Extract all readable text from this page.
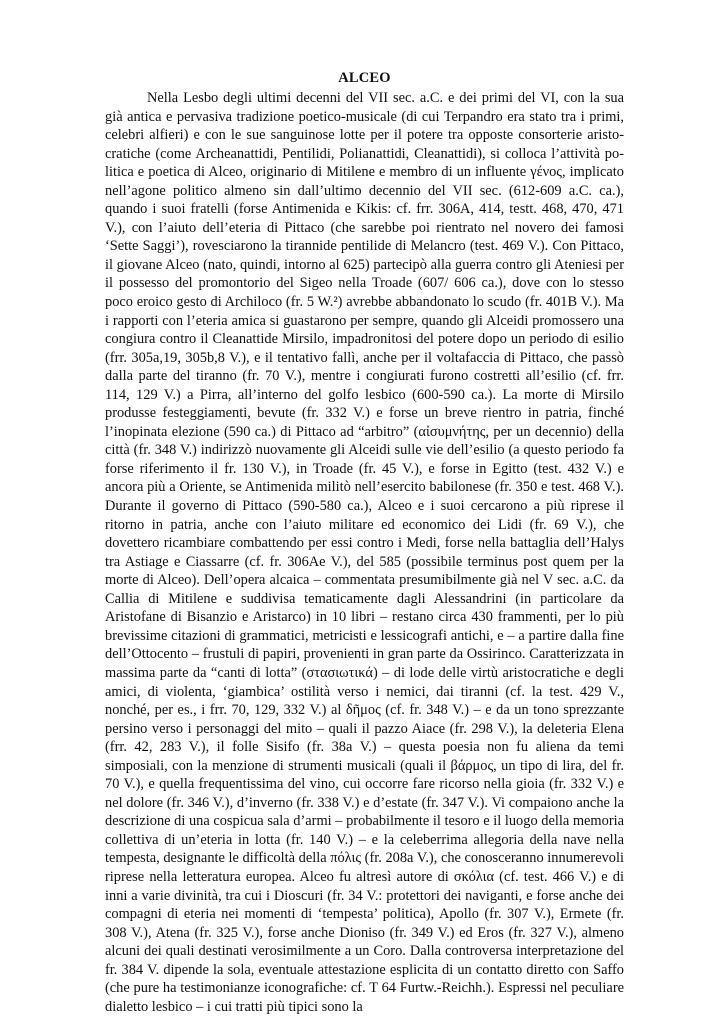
ALCEO

Nella Lesbo degli ultimi decenni del VII sec. a.C. e dei primi del VI, con la sua già antica e pervasiva tradizione poetico-musicale (di cui Terpandro era stato tra i primi, celebri alfieri) e con le sue sanguinose lotte per il potere tra opposte consorterie aristocratiche (come Archeanattidi, Pentilidi, Polianattidi, Cleanattidi), si colloca l’attività politica e poetica di Alceo, originario di Mitilene e membro di un influente γένος, implicato nell’agone politico almeno sin dall’ultimo decennio del VII sec. (612-609 a.C. ca.), quando i suoi fratelli (forse Antimenida e Kikis: cf. frr. 306A, 414, testt. 468, 470, 471 V.), con l’aiuto dell’eteria di Pittaco (che sarebbe poi rientrato nel novero dei famosi ‘Sette Saggi’), rovesciarono la tirannide pentilide di Melancro (test. 469 V.). Con Pittaco, il giovane Alceo (nato, quindi, intorno al 625) partecipò alla guerra contro gli Ateniesi per il possesso del promontorio del Sigeo nella Troade (607/ 606 ca.), dove con lo stesso poco eroico gesto di Archiloco (fr. 5 W.²) avrebbe abbandonato lo scudo (fr. 401B V.). Ma i rapporti con l’eteria amica si guastarono per sempre, quando gli Alceidi promossero una congiura contro il Cleanattide Mirsilo, impadronitosi del potere dopo un periodo di esilio (frr. 305a,19, 305b,8 V.), e il tentativo fallì, anche per il voltafaccia di Pittaco, che passò dalla parte del tiranno (fr. 70 V.), mentre i congiurati furono costretti all’esilio (cf. frr. 114, 129 V.) a Pirra, all’interno del golfo lesbico (600-590 ca.). La morte di Mirsilo produsse festeggiamenti, bevute (fr. 332 V.) e forse un breve rientro in patria, finché l’inopinata elezione (590 ca.) di Pittaco ad “arbitro” (αἰσυμνήτης, per un decennio) della città (fr. 348 V.) indirizzò nuovamente gli Alceidi sulle vie dell’esilio (a questo periodo fa forse riferimento il fr. 130 V.), in Troade (fr. 45 V.), e forse in Egitto (test. 432 V.) e ancora più a Oriente, se Antimenida militò nell’esercito babilonese (fr. 350 e test. 468 V.). Durante il governo di Pittaco (590-580 ca.), Alceo e i suoi cercarono a più riprese il ritorno in patria, anche con l’aiuto militare ed economico dei Lidi (fr. 69 V.), che dovettero ricambiare combattendo per essi contro i Medi, forse nella battaglia dell’Halys tra Astiage e Ciassarre (cf. fr. 306Ae V.), del 585 (possibile terminus post quem per la morte di Alceo). Dell’opera alcaica – commentata presumibilmente già nel V sec. a.C. da Callia di Mitilene e suddivisa tematicamente dagli Alessandrini (in particolare da Aristofane di Bisanzio e Aristarco) in 10 libri – restano circa 430 frammenti, per lo più brevissime citazioni di grammatici, metricisti e lessicografi antichi, e – a partire dalla fine dell’Ottocento – frustuli di papiri, provenienti in gran parte da Ossirinco. Caratterizzata in massima parte da “canti di lotta” (στασιωτικά) – di lode delle virtù aristocratiche e degli amici, di violenta, ‘giambica’ ostilità verso i nemici, dai tiranni (cf. la test. 429 V., nonché, per es., i frr. 70, 129, 332 V.) al δῆμος (cf. fr. 348 V.) – e da un tono sprezzante persino verso i personaggi del mito – quali il pazzo Aiace (fr. 298 V.), la deleteria Elena (frr. 42, 283 V.), il folle Sisifo (fr. 38a V.) – questa poesia non fu aliena da temi simposiali, con la menzione di strumenti musicali (quali il βάρμος, un tipo di lira, del fr. 70 V.), e quella frequentissima del vino, cui occorre fare ricorso nella gioia (fr. 332 V.) e nel dolore (fr. 346 V.), d’inverno (fr. 338 V.) e d’estate (fr. 347 V.). Vi compaiono anche la descrizione di una cospicua sala d’armi – probabilmente il tesoro e il luogo della memoria collettiva di un’eteria in lotta (fr. 140 V.) – e la celeberrima allegoria della nave nella tempesta, designante le difficoltà della πόλις (fr. 208a V.), che conosceranno innumerevoli riprese nella letteratura europea. Alceo fu altresì autore di σκόλια (cf. test. 466 V.) e di inni a varie divinità, tra cui i Dioscuri (fr. 34 V.: protettori dei naviganti, e forse anche dei compagni di eteria nei momenti di ‘tempesta’ politica), Apollo (fr. 307 V.), Ermete (fr. 308 V.), Atena (fr. 325 V.), forse anche Dioniso (fr. 349 V.) ed Eros (fr. 327 V.), almeno alcuni dei quali destinati verosimilmente a un Coro. Dalla controversa interpretazione del fr. 384 V. dipende la sola, eventuale attestazione esplicita di un contatto diretto con Saffo (che pure ha testimonianze iconografiche: cf. T 64 Furtw.-Reichh.). Espressi nel peculiare dialetto lesbico – i cui tratti più tipici sono la
